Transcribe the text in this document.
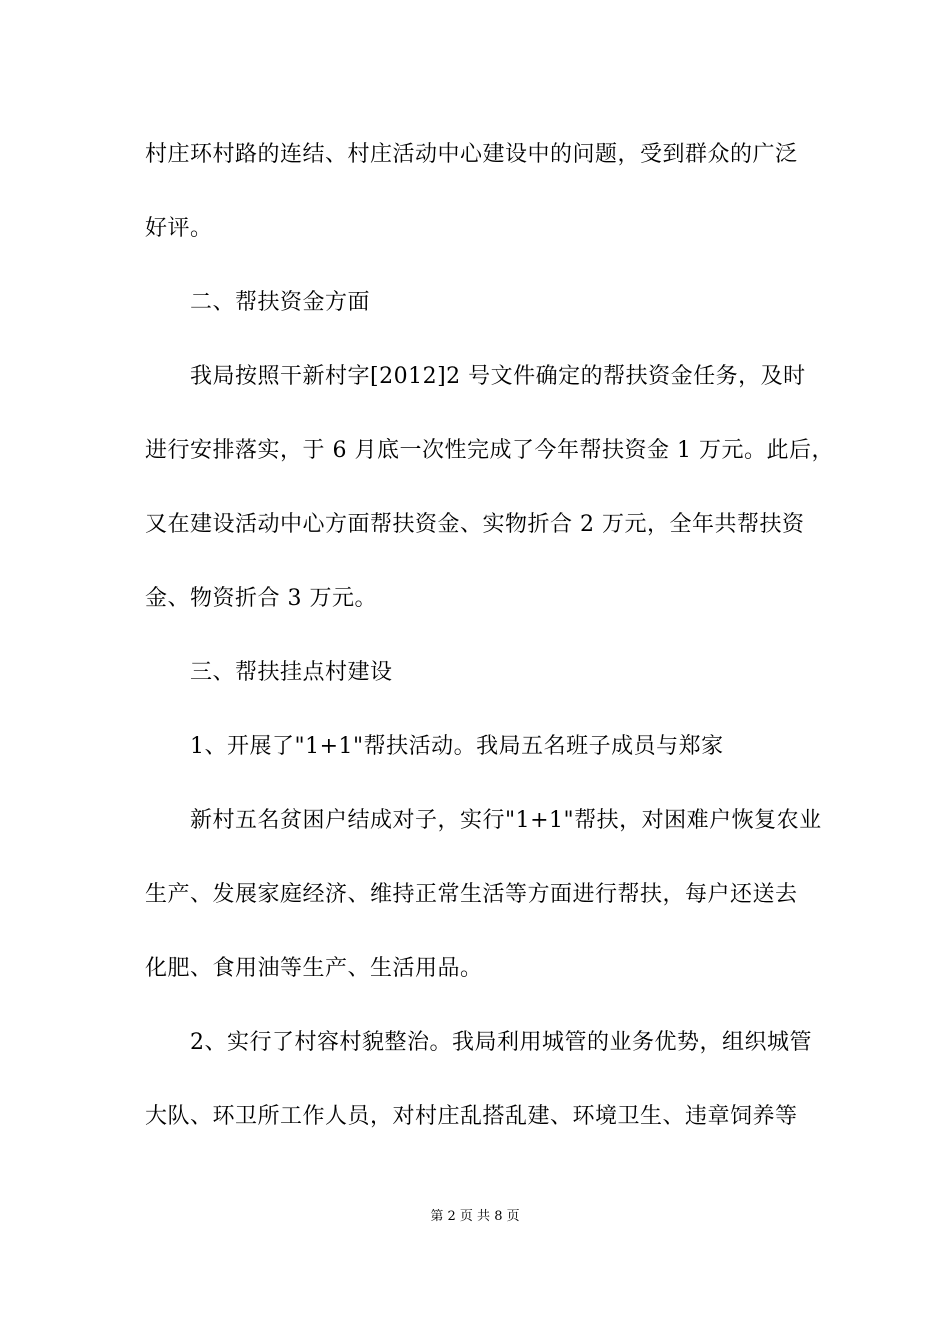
村庄环村路的连结、村庄活动中心建设中的问题，受到群众的广泛
好评。
二、帮扶资金方面
我局按照干新村字[2012]2 号文件确定的帮扶资金任务，及时
进行安排落实，于 6 月底一次性完成了今年帮扶资金 1 万元。此后，
又在建设活动中心方面帮扶资金、实物折合 2 万元，全年共帮扶资
金、物资折合 3 万元。
三、帮扶挂点村建设
1、开展了"1+1"帮扶活动。我局五名班子成员与郑家
新村五名贫困户结成对子，实行"1+1"帮扶，对困难户恢复农业
生产、发展家庭经济、维持正常生活等方面进行帮扶，每户还送去
化肥、食用油等生产、生活用品。
2、实行了村容村貌整治。我局利用城管的业务优势，组织城管
大队、环卫所工作人员，对村庄乱搭乱建、环境卫生、违章饲养等
第 2 页 共 8 页
